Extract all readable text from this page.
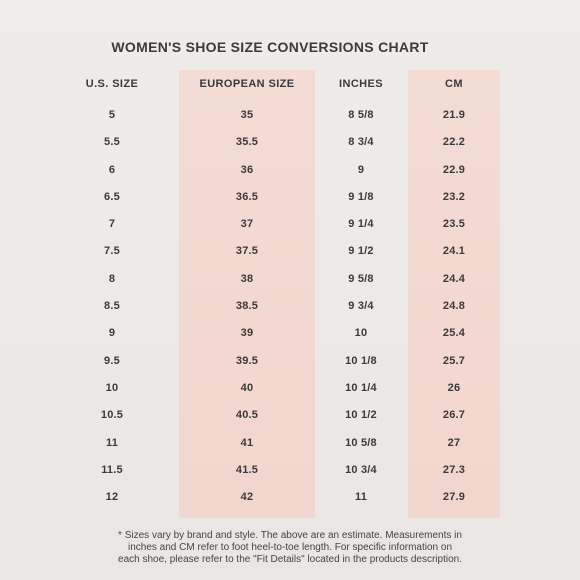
WOMEN'S SHOE SIZE CONVERSIONS CHART
U.S. SIZE	EUROPEAN SIZE	INCHES	CM
5	35	8 5/8	21.9
5.5	35.5	8 3/4	22.2
6	36	9	22.9
6.5	36.5	9 1/8	23.2
7	37	9 1/4	23.5
7.5	37.5	9 1/2	24.1
8	38	9 5/8	24.4
8.5	38.5	9 3/4	24.8
9	39	10	25.4
9.5	39.5	10 1/8	25.7
10	40	10 1/4	26
10.5	40.5	10 1/2	26.7
11	41	10 5/8	27
11.5	41.5	10 3/4	27.3
12	42	11	27.9
* Sizes vary by brand and style. The above are an estimate. Measurements in
inches and CM refer to foot heel-to-toe length. For specific information on
each shoe, please refer to the "Fit Details" located in the products description.
